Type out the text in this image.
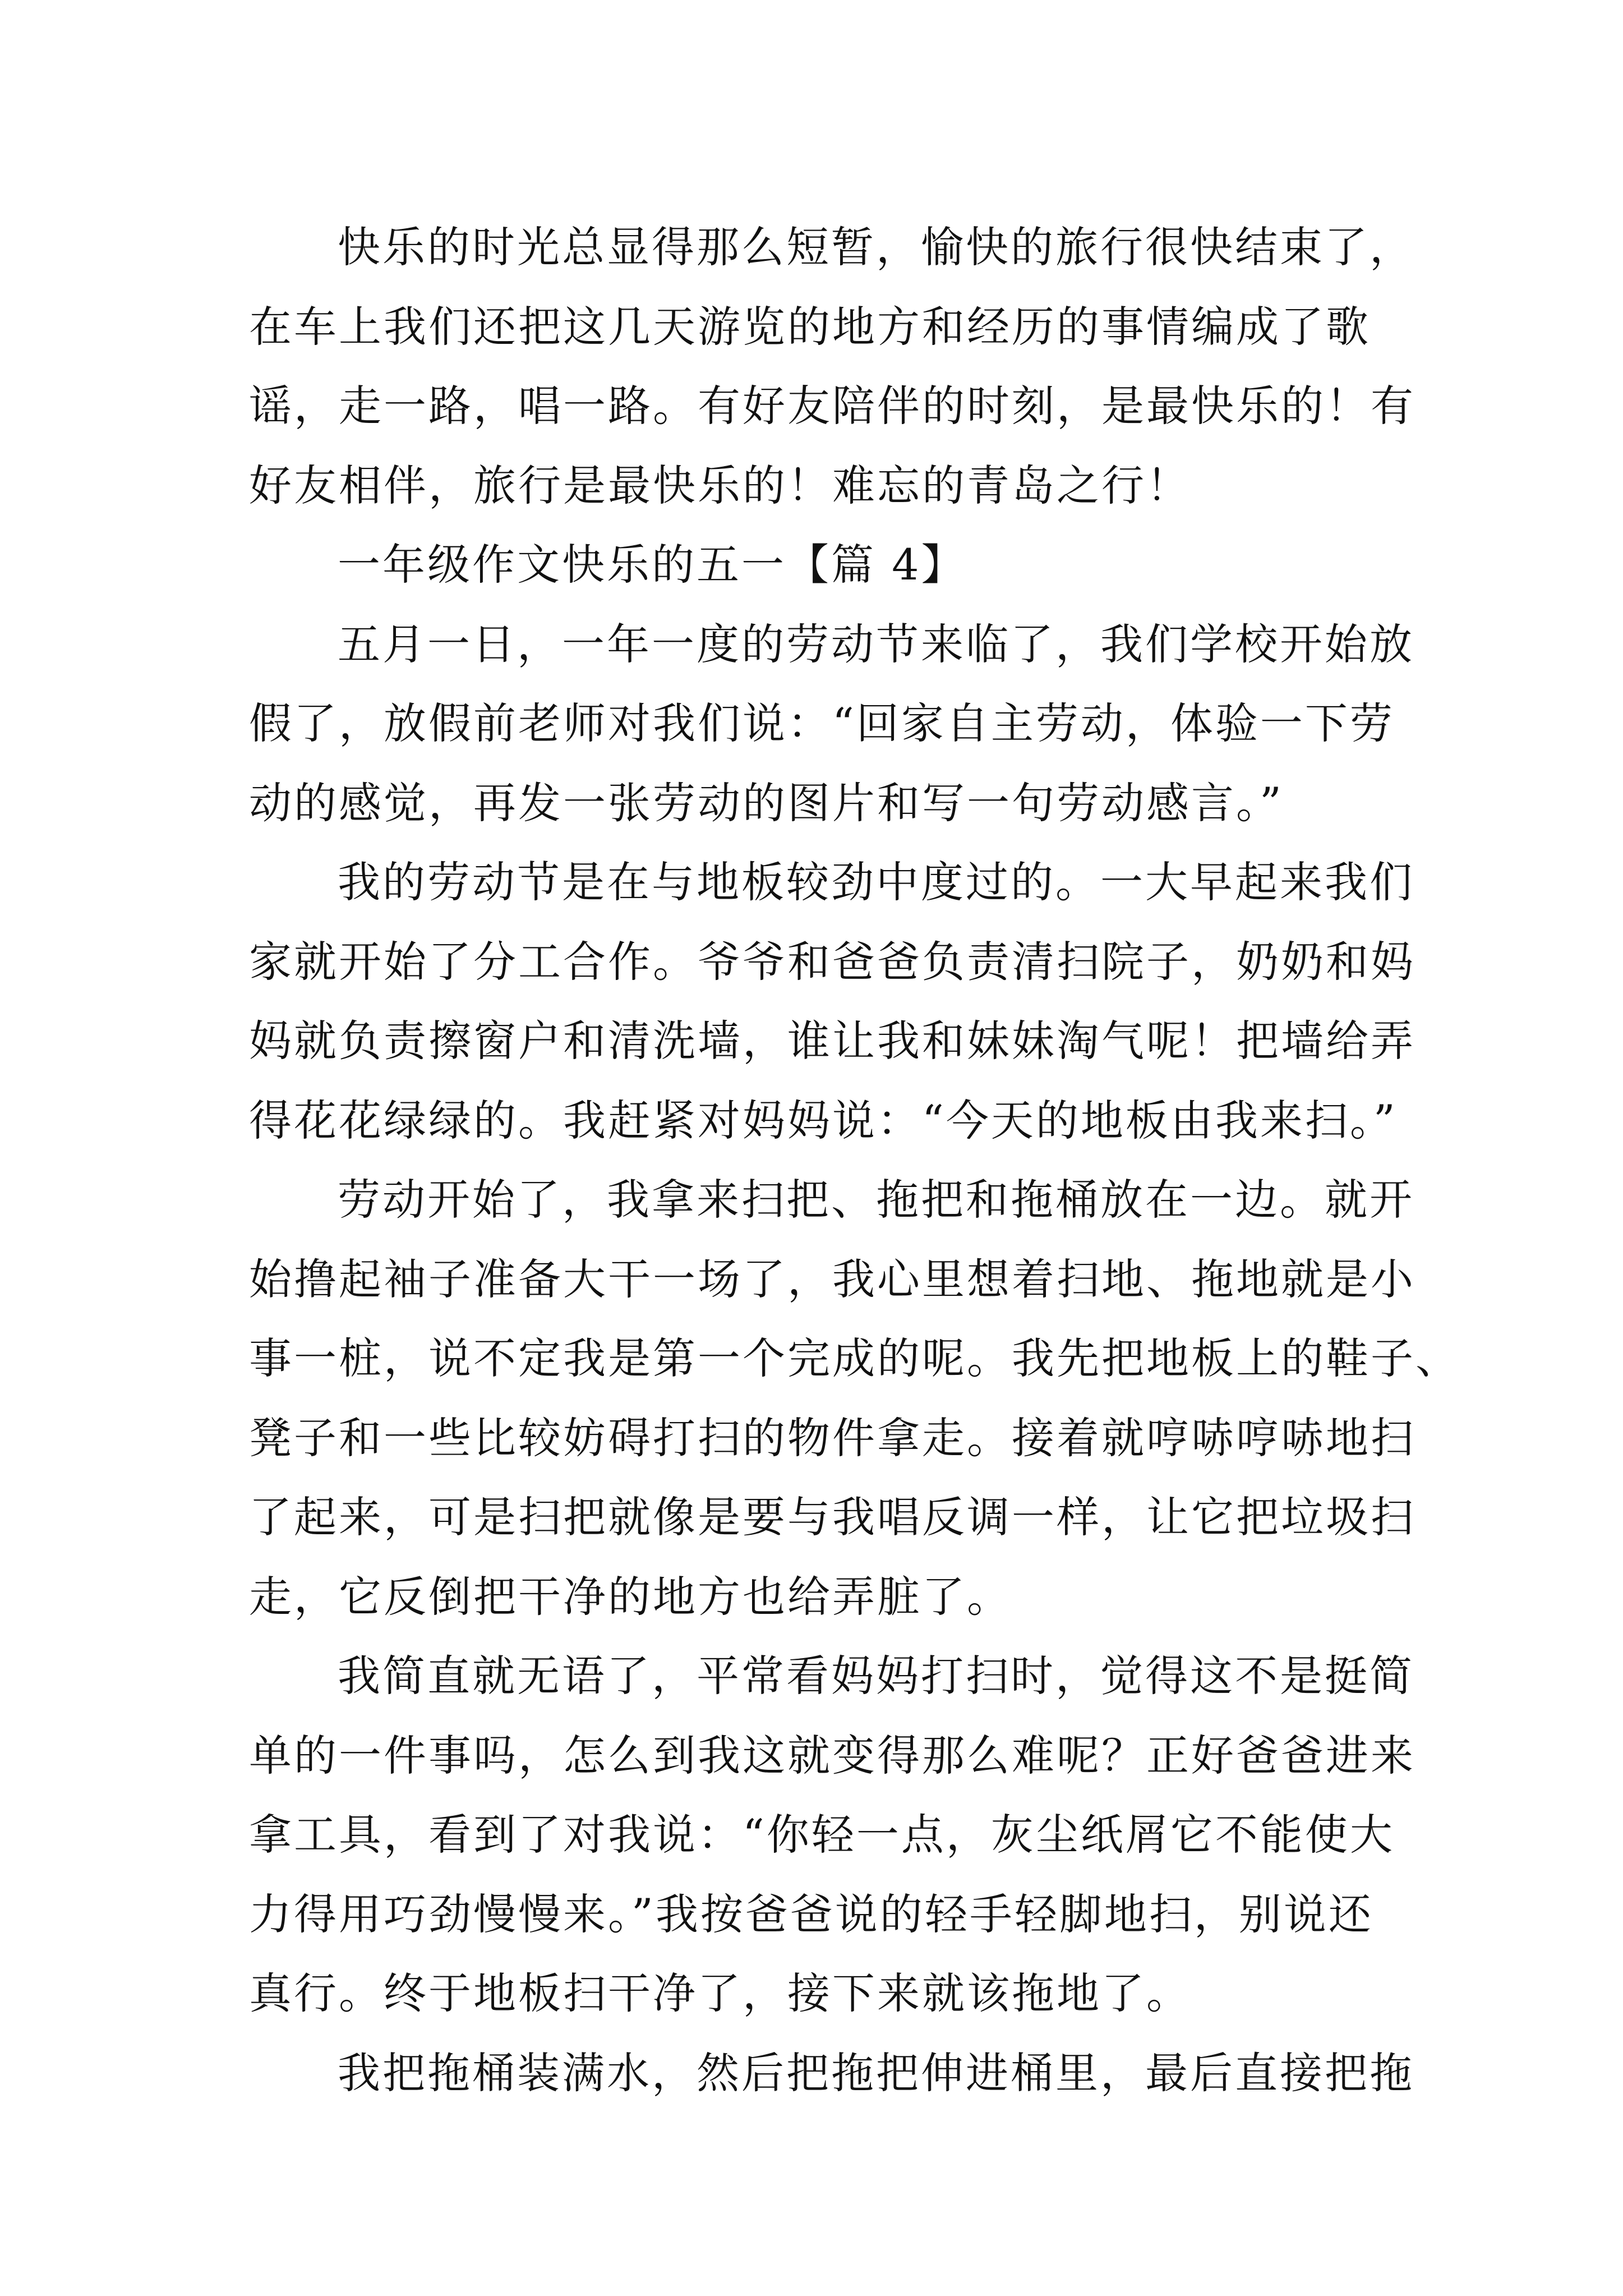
快乐的时光总显得那么短暂，愉快的旅行很快结束了，
在车上我们还把这几天游览的地方和经历的事情编成了歌
谣，走一路，唱一路。有好友陪伴的时刻，是最快乐的！有
好友相伴，旅行是最快乐的！难忘的青岛之行！
一年级作文快乐的五一【篇 4】
五月一日，一年一度的劳动节来临了，我们学校开始放
假了，放假前老师对我们说：“回家自主劳动，体验一下劳
动的感觉，再发一张劳动的图片和写一句劳动感言。”
我的劳动节是在与地板较劲中度过的。一大早起来我们
家就开始了分工合作。爷爷和爸爸负责清扫院子，奶奶和妈
妈就负责擦窗户和清洗墙，谁让我和妹妹淘气呢！把墙给弄
得花花绿绿的。我赶紧对妈妈说：“今天的地板由我来扫。”
劳动开始了，我拿来扫把、拖把和拖桶放在一边。就开
始撸起袖子准备大干一场了，我心里想着扫地、拖地就是小
事一桩，说不定我是第一个完成的呢。我先把地板上的鞋子、
凳子和一些比较妨碍打扫的物件拿走。接着就哼哧哼哧地扫
了起来，可是扫把就像是要与我唱反调一样，让它把垃圾扫
走，它反倒把干净的地方也给弄脏了。
我简直就无语了，平常看妈妈打扫时，觉得这不是挺简
单的一件事吗，怎么到我这就变得那么难呢？正好爸爸进来
拿工具，看到了对我说：“你轻一点，灰尘纸屑它不能使大
力得用巧劲慢慢来。”我按爸爸说的轻手轻脚地扫，别说还
真行。终于地板扫干净了，接下来就该拖地了。
我把拖桶装满水，然后把拖把伸进桶里，最后直接把拖
